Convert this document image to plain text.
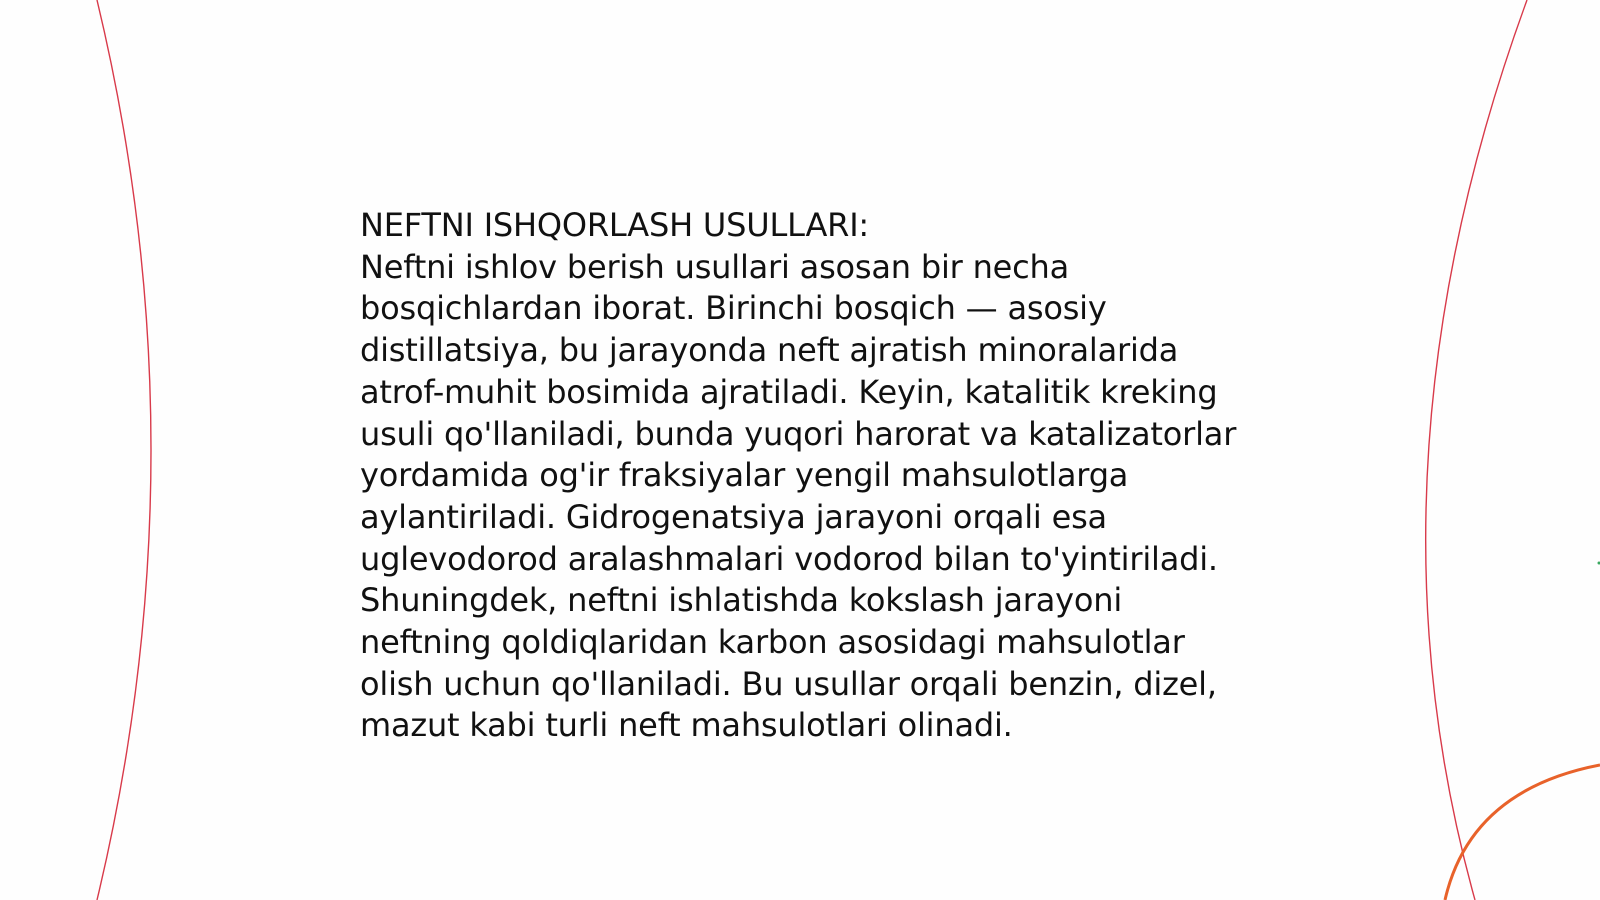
NEFTNI ISHQORLASH USULLARI:

Neftni ishlov berish usullari asosan bir necha bosqichlardan iborat. Birinchi bosqich — asosiy distillatsiya, bu jarayonda neft ajratish minoralarida atrof-muhit bosimida ajratiladi. Keyin, katalitik kreking usuli qo'llaniladi, bunda yuqori harorat va katalizatorlar yordamida og'ir fraksiyalar yengil mahsulotlarga aylantiriladi. Gidrogenatsiya jarayoni orqali esa uglevodorod aralashmalari vodorod bilan to'yintiriladi. Shuningdek, neftni ishlatishda kokslash jarayoni neftning qoldiqlaridan karbon asosidagi mahsulotlar olish uchun qo'llaniladi. Bu usullar orqali benzin, dizel, mazut kabi turli neft mahsulotlari olinadi.
